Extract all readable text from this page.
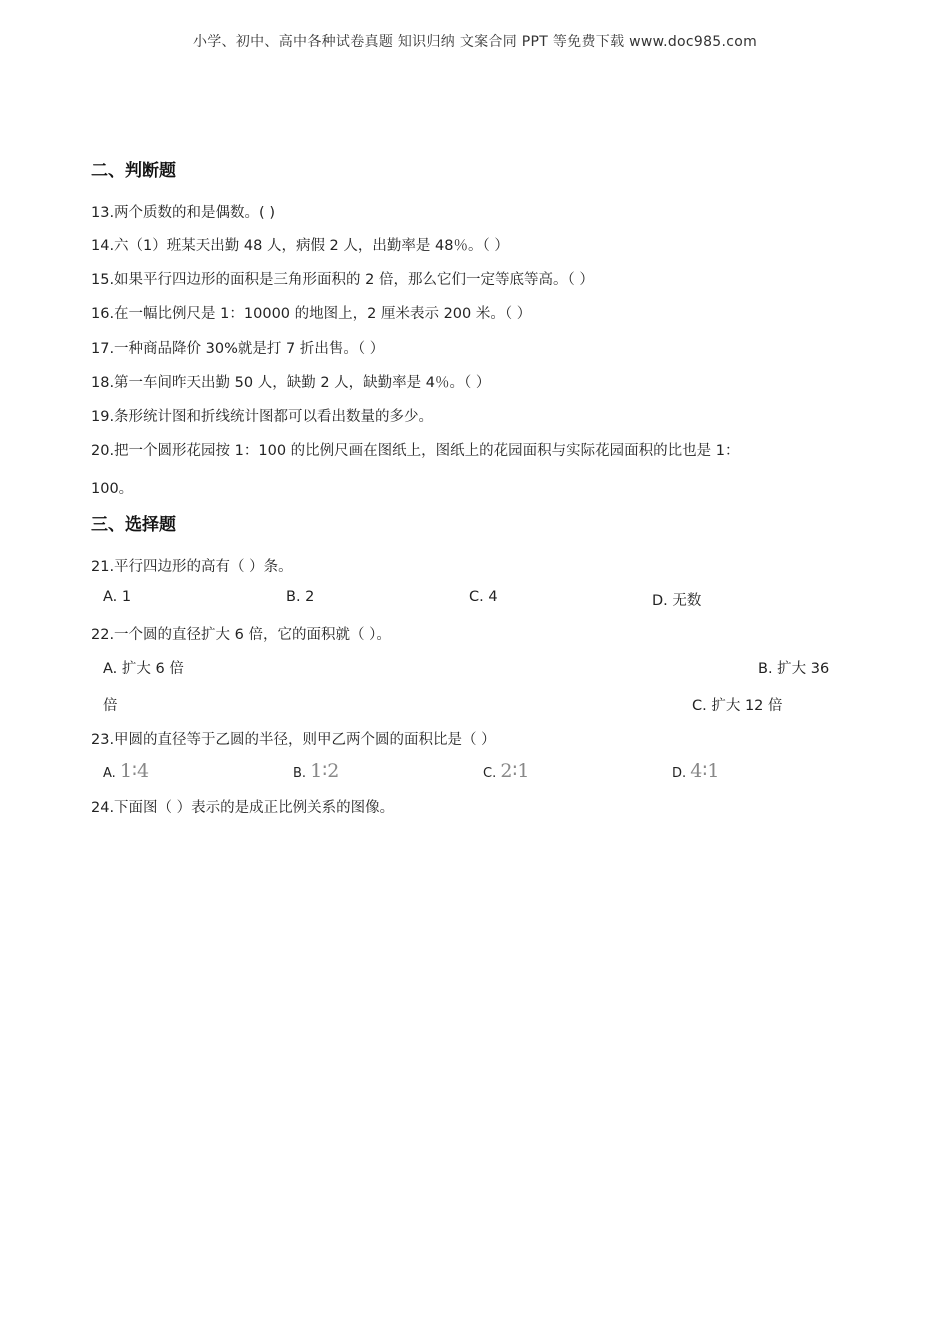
小学、初中、高中各种试卷真题 知识归纳 文案合同 PPT 等免费下载 www.doc985.com
二、判断题
13.两个质数的和是偶数。( )
14.六（1）班某天出勤 48 人，病假 2 人，出勤率是 48％。（ ）
15.如果平行四边形的面积是三角形面积的 2 倍，那么它们一定等底等高。（ ）
16.在一幅比例尺是 1：10000 的地图上，2 厘米表示 200 米。（ ）
17.一种商品降价 30%就是打 7 折出售。（ ）
18.第一车间昨天出勤 50 人，缺勤 2 人，缺勤率是 4％。（ ）
19.条形统计图和折线统计图都可以看出数量的多少。
20.把一个圆形花园按 1：100 的比例尺画在图纸上，图纸上的花园面积与实际花园面积的比也是 1：
100。
三、选择题
21.平行四边形的高有（ ）条。
A. 1	B. 2	C. 4	D. 无数
22.一个圆的直径扩大 6 倍，它的面积就（ ）。
A. 扩大 6 倍	B. 扩大 36
倍	C. 扩大 12 倍
23.甲圆的直径等于乙圆的半径，则甲乙两个圆的面积比是（ ）
A. 1∶4	B. 1∶2	C. 2∶1	D. 4∶1
24.下面图（ ）表示的是成正比例关系的图像。
